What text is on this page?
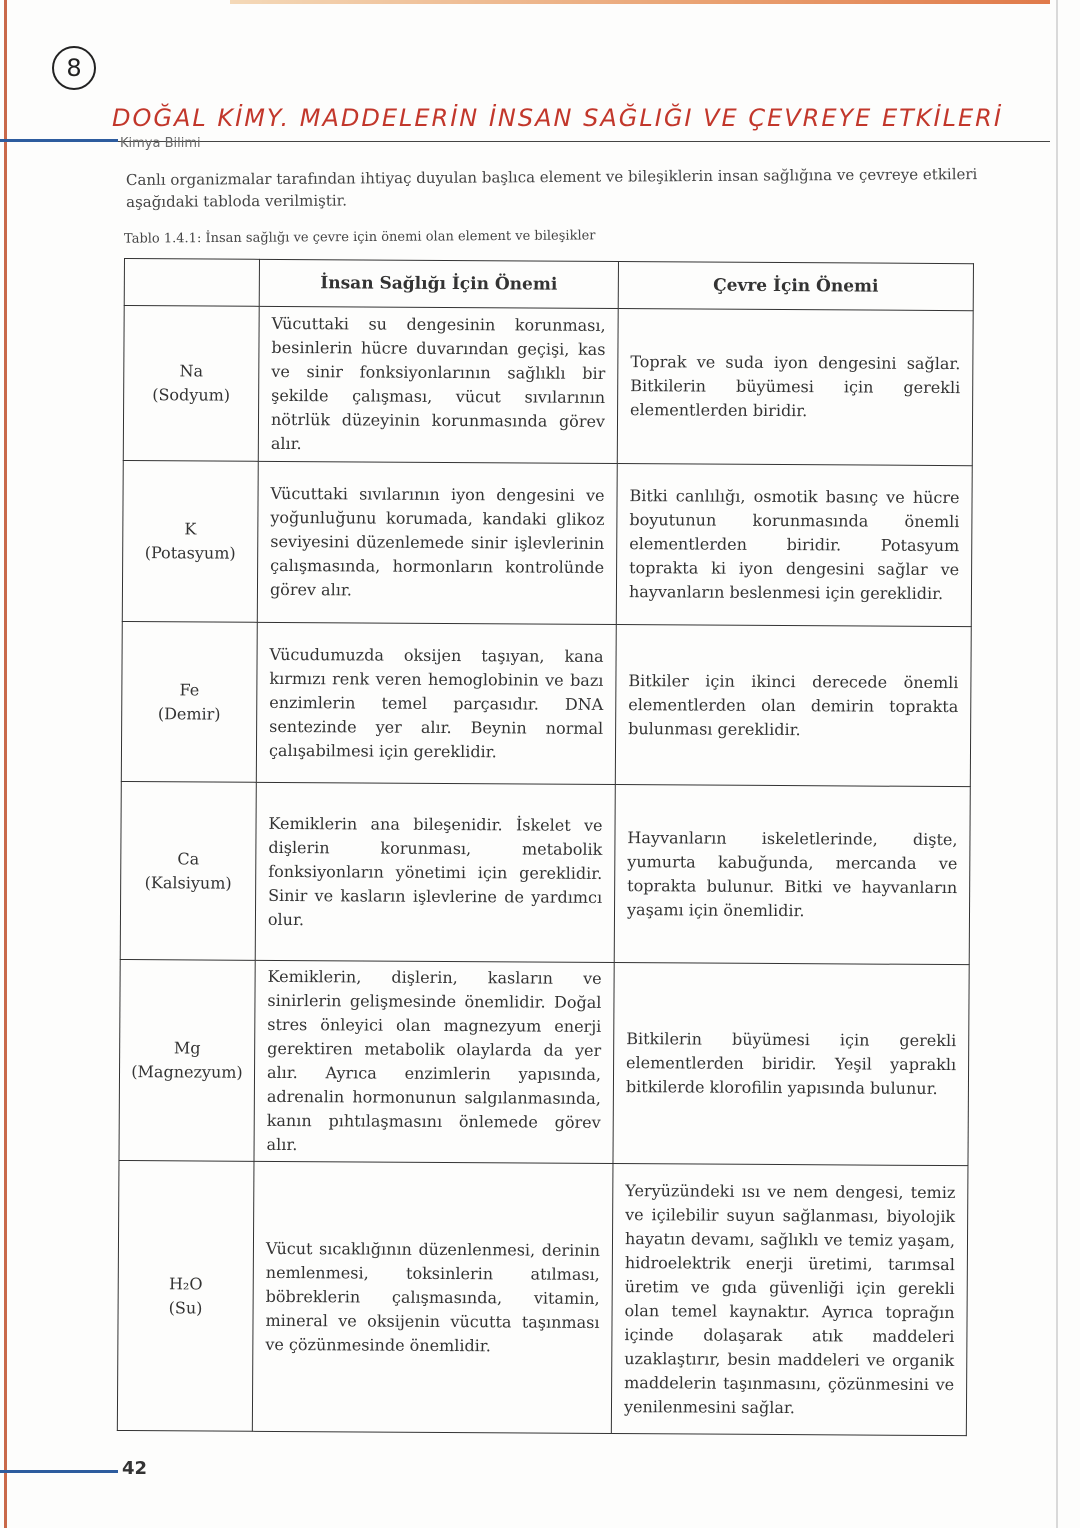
8
DOĞAL KİMY. MADDELERİN İNSAN SAĞLIĞI VE ÇEVREYE ETKİLERİ
Kimya Bilimi

Canlı organizmalar tarafından ihtiyaç duyulan başlıca element ve bileşiklerin insan sağlığına ve çevreye etkileri aşağıdaki tabloda verilmiştir.

Tablo 1.4.1: İnsan sağlığı ve çevre için önemi olan element ve bileşikler
	İnsan Sağlığı İçin Önemi	Çevre İçin Önemi

Na
(Sodyum)	Vücuttaki su dengesinin korunması, besinlerin hücre duvarından geçişi, kas ve sinir fonksiyonlarının sağlıklı bir şekilde çalışması, vücut sıvılarının nötrlük düzeyinin korunmasında görev alır.	Toprak ve suda iyon dengesini sağlar. Bitkilerin büyümesi için gerekli elementlerden biridir.

K
(Potasyum)	Vücuttaki sıvılarının iyon dengesini ve yoğunluğunu korumada, kandaki glikoz seviyesini düzenlemede sinir işlevlerinin çalışmasında, hormonların kontrolünde görev alır.	Bitki canlılığı, osmotik basınç ve hücre boyutunun korunmasında önemli elementlerden biridir. Potasyum toprakta ki iyon dengesini sağlar ve hayvanların beslenmesi için gereklidir.

Fe
(Demir)	Vücudumuzda oksijen taşıyan, kana kırmızı renk veren hemoglobinin ve bazı enzimlerin temel parçasıdır. DNA sentezinde yer alır. Beynin normal çalışabilmesi için gereklidir.	Bitkiler için ikinci derecede önemli elementlerden olan demirin toprakta bulunması gereklidir.

Ca
(Kalsiyum)	Kemiklerin ana bileşenidir. İskelet ve dişlerin korunması, metabolik fonksiyonların yönetimi için gereklidir. Sinir ve kasların işlevlerine de yardımcı olur.	Hayvanların iskeletlerinde, dişte, yumurta kabuğunda, mercanda ve toprakta bulunur. Bitki ve hayvanların yaşamı için önemlidir.

Mg
(Magnezyum)	Kemiklerin, dişlerin, kasların ve sinirlerin gelişmesinde önemlidir. Doğal stres önleyici olan magnezyum enerji gerektiren metabolik olaylarda da yer alır. Ayrıca enzimlerin yapısında, adrenalin hormonunun salgılanmasında, kanın pıhtılaşmasını önlemede görev alır.	Bitkilerin büyümesi için gerekli elementlerden biridir. Yeşil yapraklı bitkilerde klorofilin yapısında bulunur.

H₂O
(Su)	Vücut sıcaklığının düzenlenmesi, derinin nemlenmesi, toksinlerin atılması, böbreklerin çalışmasında, vitamin, mineral ve oksijenin vücutta taşınması ve çözünmesinde önemlidir.	Yeryüzündeki ısı ve nem dengesi, temiz ve içilebilir suyun sağlanması, biyolojik hayatın devamı, sağlıklı ve temiz yaşam, hidroelektrik enerji üretimi, tarımsal üretim ve gıda güvenliği için gerekli olan temel kaynaktır. Ayrıca toprağın içinde dolaşarak atık maddeleri uzaklaştırır, besin maddeleri ve organik maddelerin taşınmasını, çözünmesini ve yenilenmesini sağlar.
42
